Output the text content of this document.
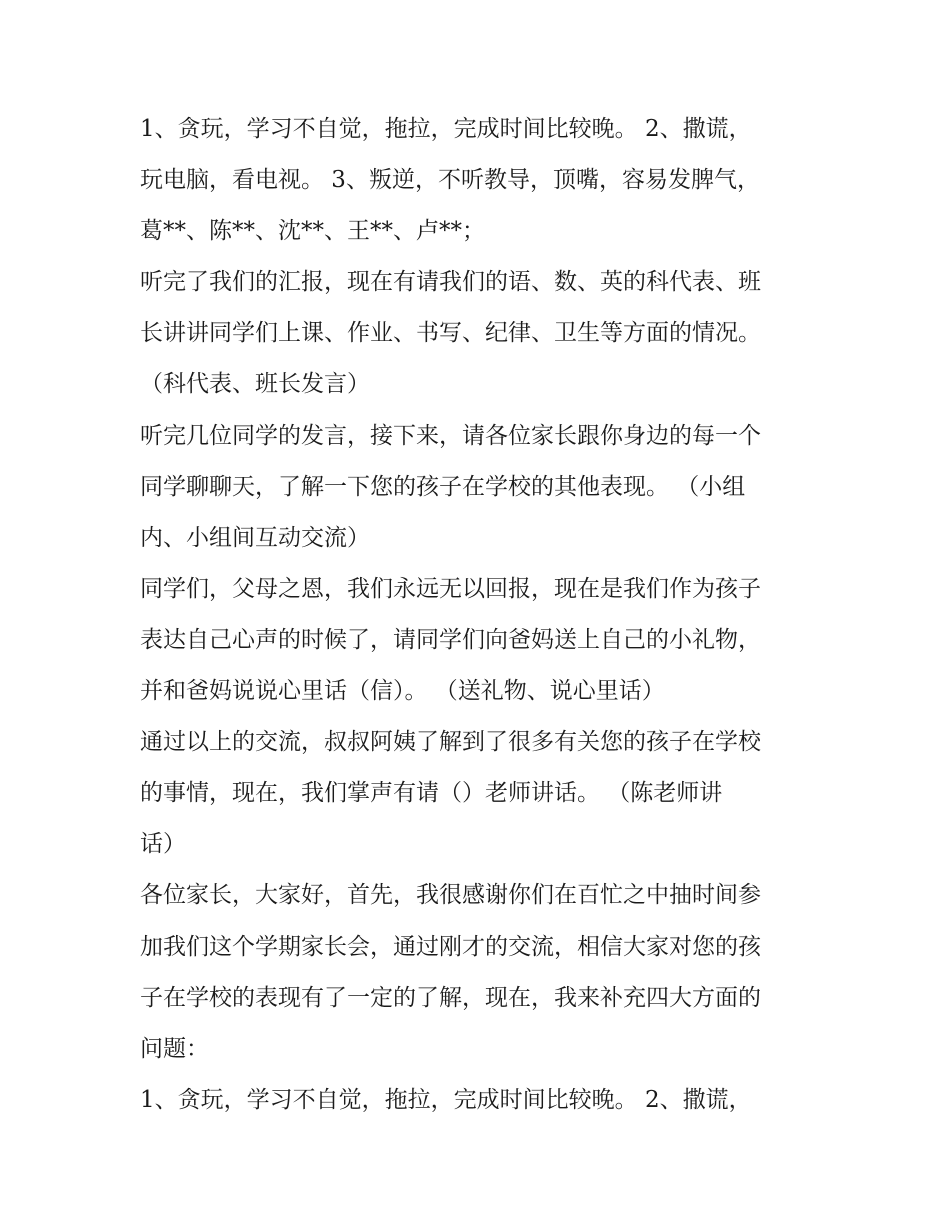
1、贪玩，学习不自觉，拖拉，完成时间比较晚。 2、撒谎，
玩电脑，看电视。 3、叛逆，不听教导，顶嘴，容易发脾气，
葛**、陈**、沈**、王**、卢**；
听完了我们的汇报，现在有请我们的语、数、英的科代表、班
长讲讲同学们上课、作业、书写、纪律、卫生等方面的情况。
（科代表、班长发言）
听完几位同学的发言，接下来，请各位家长跟你身边的每一个
同学聊聊天，了解一下您的孩子在学校的其他表现。 （小组
内、小组间互动交流）
同学们，父母之恩，我们永远无以回报，现在是我们作为孩子
表达自己心声的时候了，请同学们向爸妈送上自己的小礼物，
并和爸妈说说心里话（信）。 （送礼物、说心里话）
通过以上的交流，叔叔阿姨了解到了很多有关您的孩子在学校
的事情，现在，我们掌声有请（）老师讲话。 （陈老师讲
话）
各位家长，大家好，首先，我很感谢你们在百忙之中抽时间参
加我们这个学期家长会，通过刚才的交流，相信大家对您的孩
子在学校的表现有了一定的了解，现在，我来补充四大方面的
问题：
1、贪玩，学习不自觉，拖拉，完成时间比较晚。 2、撒谎，
